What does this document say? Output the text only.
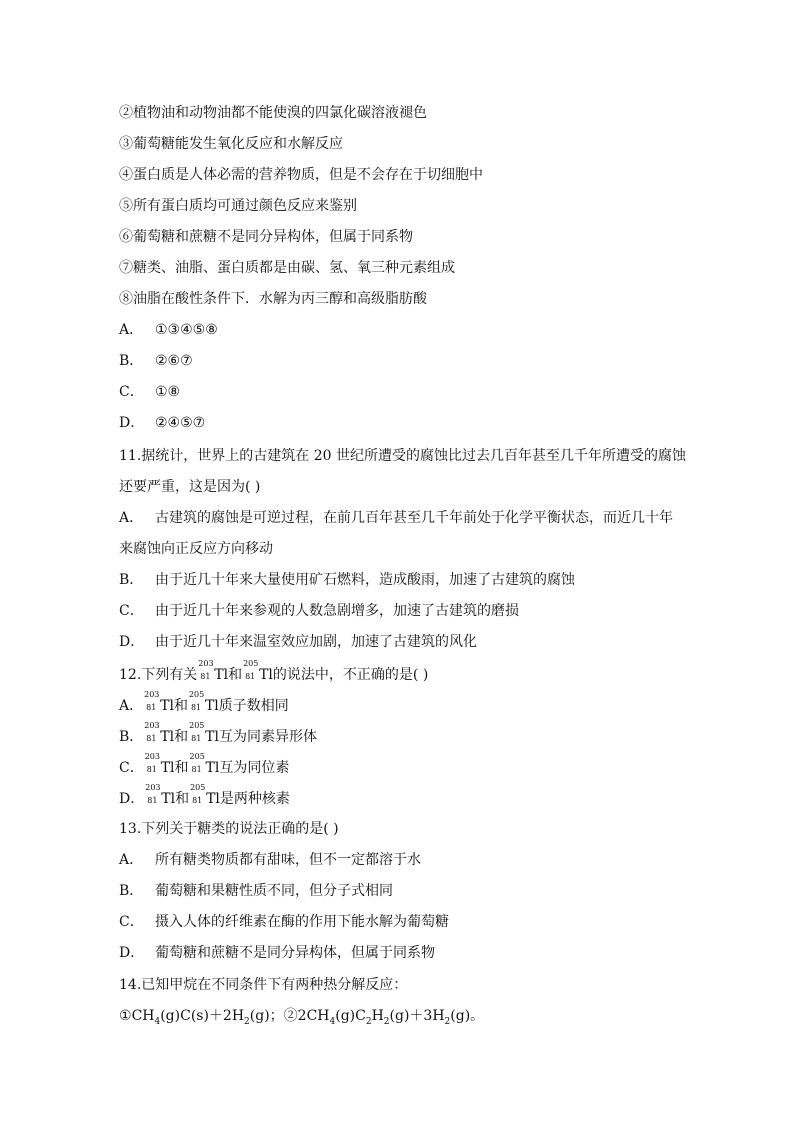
②植物油和动物油都不能使溴的四氯化碳溶液褪色
③葡萄糖能发生氧化反应和水解反应
④蛋白质是人体必需的营养物质，但是不会存在于切细胞中
⑤所有蛋白质均可通过颜色反应来鉴别
⑥葡萄糖和蔗糖不是同分异构体，但属于同系物
⑦糖类、油脂、蛋白质都是由碳、氢、氧三种元素组成
⑧油脂在酸性条件下．水解为丙三醇和高级脂肪酸
A． ①③④⑤⑧
B． ②⑥⑦
C． ①⑧
D． ②④⑤⑦
11.据统计，世界上的古建筑在 20 世纪所遭受的腐蚀比过去几百年甚至几千年所遭受的腐蚀
还要严重，这是因为( )
A． 古建筑的腐蚀是可逆过程，在前几百年甚至几千年前处于化学平衡状态，而近几十年
来腐蚀向正反应方向移动
B． 由于近几十年来大量使用矿石燃料，造成酸雨，加速了古建筑的腐蚀
C． 由于近几十年来参观的人数急剧增多，加速了古建筑的磨损
D． 由于近几十年来温室效应加剧，加速了古建筑的风化
12.下列有关
203
81 Tl和
205
81 Tl的说法中，不正确的是( )
A．
203
81 Tl和
205
81 Tl质子数相同
B．
203
81 Tl和
205
81 Tl互为同素异形体
C．
203
81 Tl和
205
81 Tl互为同位素
D．
203
81 Tl和
205
81 Tl是两种核素
13.下列关于糖类的说法正确的是( )
A． 所有糖类物质都有甜味，但不一定都溶于水
B． 葡萄糖和果糖性质不同，但分子式相同
C． 摄入人体的纤维素在酶的作用下能水解为葡萄糖
D． 葡萄糖和蔗糖不是同分异构体，但属于同系物
14.已知甲烷在不同条件下有两种热分解反应：
$①CH_4(g)C(s)+2H_2(g)$；$②2CH_4(g)C_2H_2(g)+3H_2(g)$。
